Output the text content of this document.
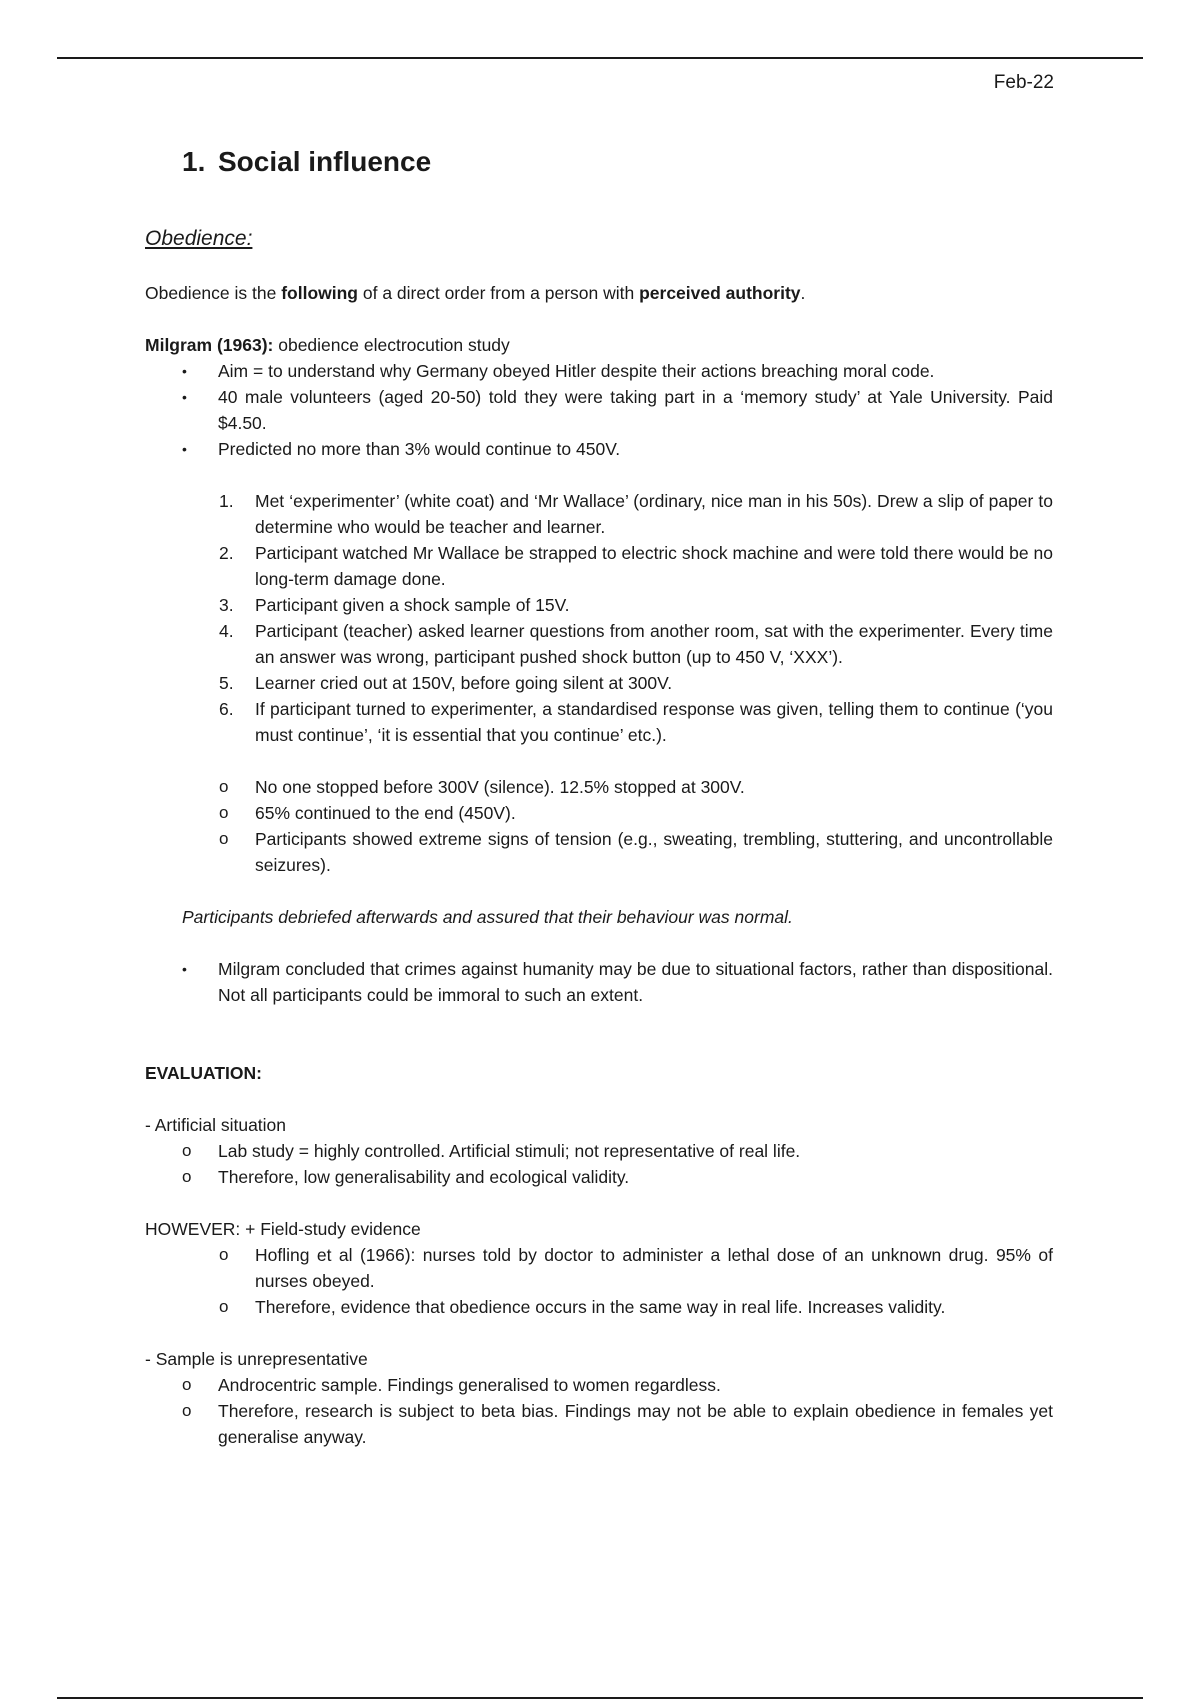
Feb-22
1. Social influence
Obedience:

Obedience is the following of a direct order from a person with perceived authority.

Milgram (1963): obedience electrocution study

• Aim = to understand why Germany obeyed Hitler despite their actions breaching moral code.
• 40 male volunteers (aged 20-50) told they were taking part in a ‘memory study’ at Yale University. Paid $4.50.
• Predicted no more than 3% would continue to 450V.
1. Met ‘experimenter’ (white coat) and ‘Mr Wallace’ (ordinary, nice man in his 50s). Drew a slip of paper to determine who would be teacher and learner.
2. Participant watched Mr Wallace be strapped to electric shock machine and were told there would be no long-term damage done.
3. Participant given a shock sample of 15V.
4. Participant (teacher) asked learner questions from another room, sat with the experimenter. Every time an answer was wrong, participant pushed shock button (up to 450 V, ‘XXX’).
5. Learner cried out at 150V, before going silent at 300V.
6. If participant turned to experimenter, a standardised response was given, telling them to continue (‘you must continue’, ‘it is essential that you continue’ etc.).
o No one stopped before 300V (silence). 12.5% stopped at 300V.
o 65% continued to the end (450V).
o Participants showed extreme signs of tension (e.g., sweating, trembling, stuttering, and uncontrollable seizures).

Participants debriefed afterwards and assured that their behaviour was normal.

• Milgram concluded that crimes against humanity may be due to situational factors, rather than dispositional. Not all participants could be immoral to such an extent.

EVALUATION:

- Artificial situation

o Lab study = highly controlled. Artificial stimuli; not representative of real life.
o Therefore, low generalisability and ecological validity.

HOWEVER: + Field-study evidence

o Hofling et al (1966): nurses told by doctor to administer a lethal dose of an unknown drug. 95% of nurses obeyed.
o Therefore, evidence that obedience occurs in the same way in real life. Increases validity.

- Sample is unrepresentative

o Androcentric sample. Findings generalised to women regardless.
o Therefore, research is subject to beta bias. Findings may not be able to explain obedience in females yet generalise anyway.
